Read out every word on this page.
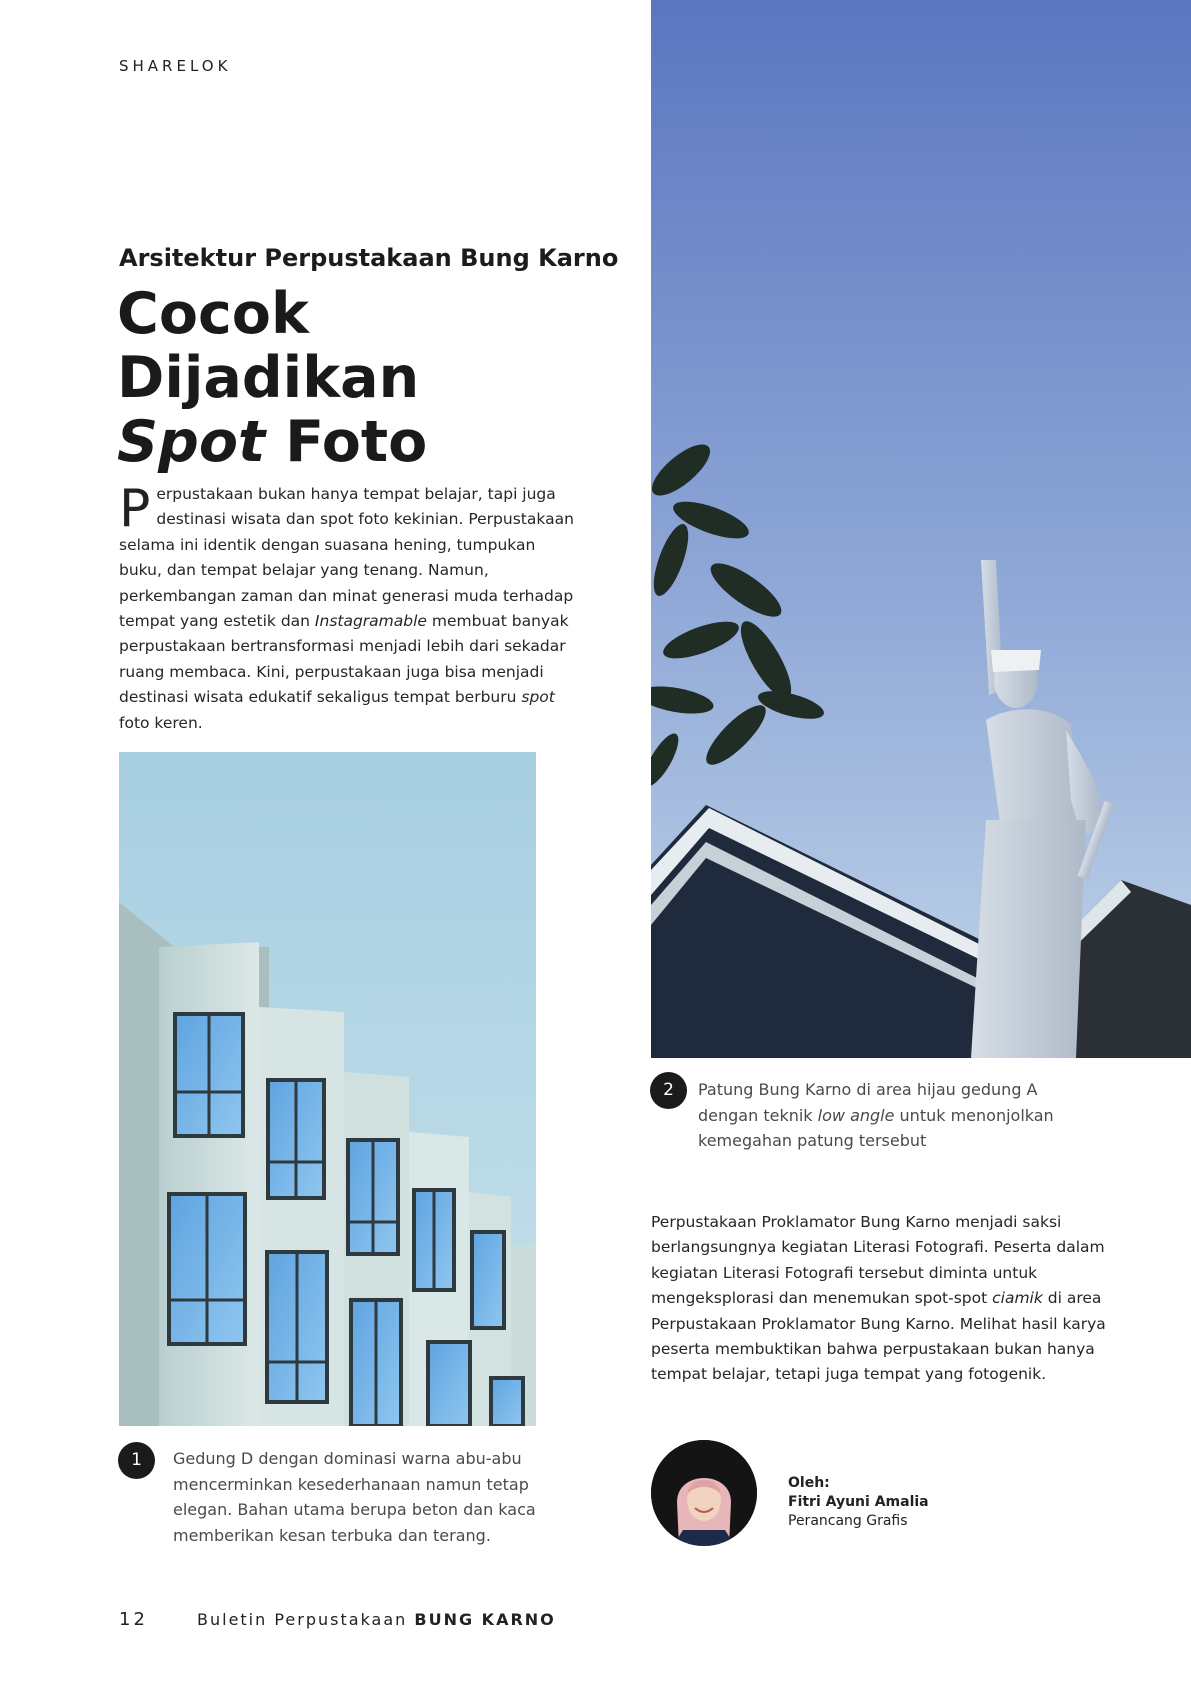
SHARELOK
Arsitektur Perpustakaan Bung Karno
Cocok Dijadikan
Spot Foto

Perpustakaan bukan hanya tempat belajar, tapi juga destinasi wisata dan spot foto kekinian. Perpustakaan selama ini identik dengan suasana hening, tumpukan buku, dan tempat belajar yang tenang. Namun, perkembangan zaman dan minat generasi muda terhadap tempat yang estetik dan Instagramable membuat banyak perpustakaan bertransformasi menjadi lebih dari sekadar ruang membaca. Kini, perpustakaan juga bisa menjadi destinasi wisata edukatif sekaligus tempat berburu spot foto keren.

1	Gedung D dengan dominasi warna abu-abu mencerminkan kesederhanaan namun tetap elegan. Bahan utama berupa beton dan kaca memberikan kesan terbuka dan terang.

2	Patung Bung Karno di area hijau gedung A dengan teknik low angle untuk menonjolkan kemegahan patung tersebut

Perpustakaan Proklamator Bung Karno menjadi saksi berlangsungnya kegiatan Literasi Fotografi. Peserta dalam kegiatan Literasi Fotografi tersebut diminta untuk mengeksplorasi dan menemukan spot-spot ciamik di area Perpustakaan Proklamator Bung Karno. Melihat hasil karya peserta membuktikan bahwa perpustakaan bukan hanya tempat belajar, tetapi juga tempat yang fotogenik.

Oleh:
Fitri Ayuni Amalia
Perancang Grafis
12	Buletin Perpustakaan BUNG KARNO
